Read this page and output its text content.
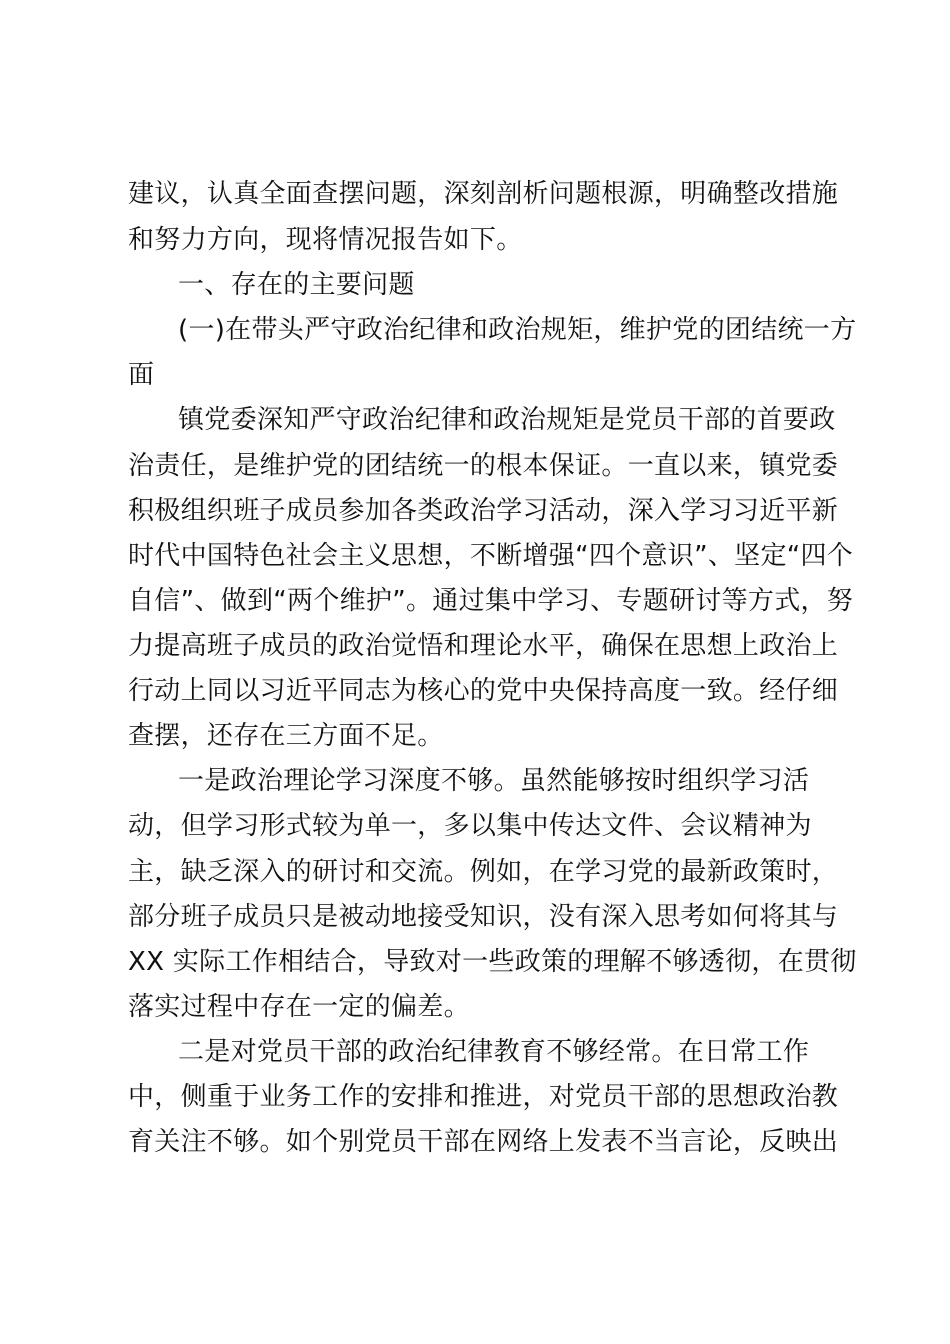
建议，认真全面查摆问题，深刻剖析问题根源，明确整改措施
和努力方向，现将情况报告如下。
一、存在的主要问题
(一)在带头严守政治纪律和政治规矩，维护党的团结统一方
面
镇党委深知严守政治纪律和政治规矩是党员干部的首要政
治责任，是维护党的团结统一的根本保证。一直以来，镇党委
积极组织班子成员参加各类政治学习活动，深入学习习近平新
时代中国特色社会主义思想，不断增强“四个意识”、坚定“四个
自信”、做到“两个维护”。通过集中学习、专题研讨等方式，努
力提高班子成员的政治觉悟和理论水平，确保在思想上政治上
行动上同以习近平同志为核心的党中央保持高度一致。经仔细
查摆，还存在三方面不足。
一是政治理论学习深度不够。虽然能够按时组织学习活
动，但学习形式较为单一，多以集中传达文件、会议精神为
主，缺乏深入的研讨和交流。例如，在学习党的最新政策时，
部分班子成员只是被动地接受知识，没有深入思考如何将其与
XX 实际工作相结合，导致对一些政策的理解不够透彻，在贯彻
落实过程中存在一定的偏差。
二是对党员干部的政治纪律教育不够经常。在日常工作
中，侧重于业务工作的安排和推进，对党员干部的思想政治教
育关注不够。如个别党员干部在网络上发表不当言论，反映出
